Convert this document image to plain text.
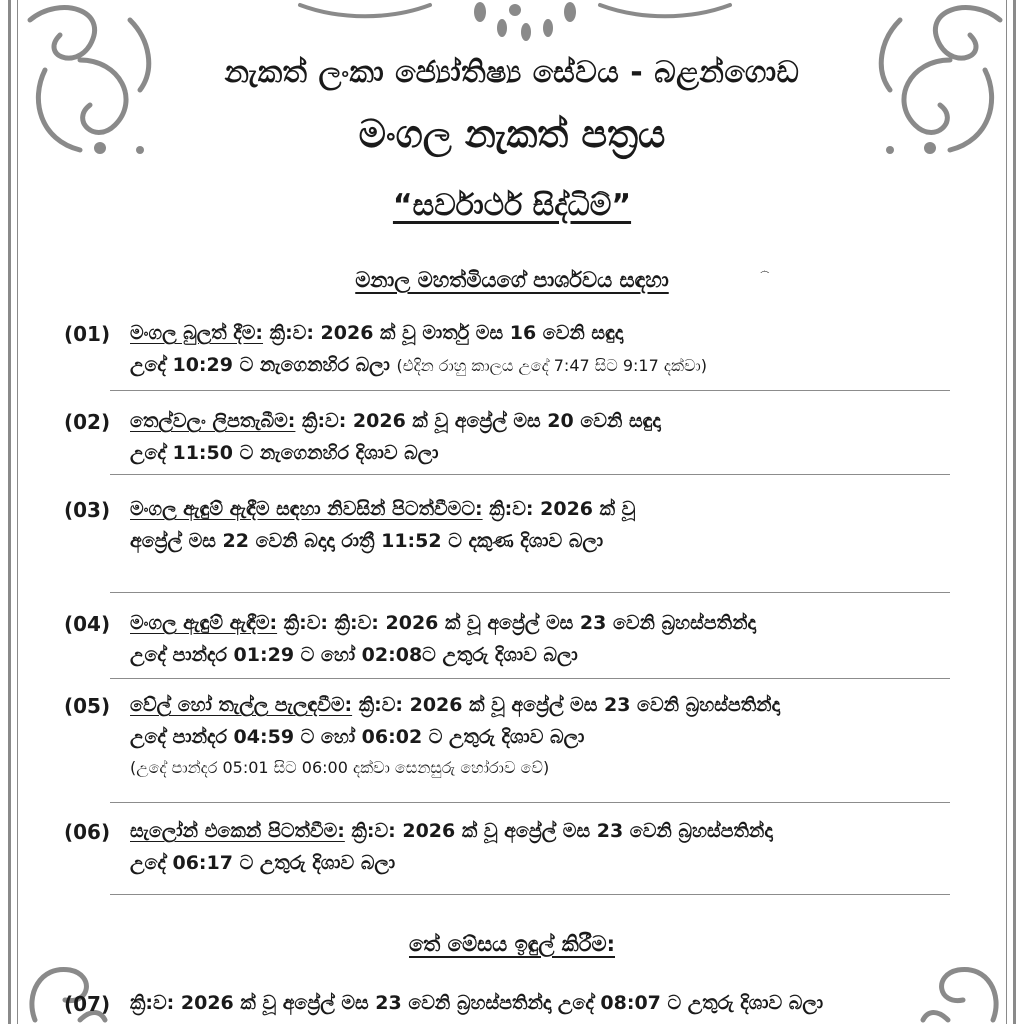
නැකත් ලංකා ජ්‍යෝතිෂ්‍ය සේවය - බළන්ගොඩ
මංගල නැකත් පත්‍රය
“සර්වාර්ථ සිද්ධිම්”
මනාල මහත්මියගේ පාර්ශවය සඳහා	෴
(01) මංගල බුලත් දීම: ක්‍රි:ව: 2026 ක් වූ මාර්තු මස 16 වෙනි සඳුදා
උදේ 10:29 ට නැගෙනහිර බලා (එදින රාහු කාලය උදේ 7:47 සිට 9:17 දක්වා)
(02) තෙල්වලං ලිපතැබීම: ක්‍රි:ව: 2026 ක් වූ අප්‍රේල් මස 20 වෙනි සඳුදා
උදේ 11:50 ට නැගෙනහිර දිශාව බලා
(03) මංගල ඇඳුම් ඇඳීම සඳහා නිවසින් පිටත්වීමට: ක්‍රි:ව: 2026 ක් වූ
අප්‍රේල් මස 22 වෙනි බදාදා රාත්‍රී 11:52 ට දකුණ දිශාව බලා
(04) මංගල ඇඳුම් ඇඳීම: ක්‍රි:ව: ක්‍රි:ව: 2026 ක් වූ අප්‍රේල් මස 23 වෙනි බ්‍රහස්පතින්දා
උදේ පාන්දර 01:29 ට හෝ 02:08ට උතුරු දිශාව බලා
(05) වේල් හෝ තැල්ල පැලඳවීම: ක්‍රි:ව: 2026 ක් වූ අප්‍රේල් මස 23 වෙනි බ්‍රහස්පතින්දා
උදේ පාන්දර 04:59 ට හෝ 06:02 ට උතුරු දිශාව බලා
(උදේ පාන්දර 05:01 සිට 06:00 දක්වා සෙනසුරු හෝරාව වේ)
(06) සැලෝන් එකෙන් පිටත්වීම: ක්‍රි:ව: 2026 ක් වූ අප්‍රේල් මස 23 වෙනි බ්‍රහස්පතින්දා
උදේ 06:17 ට උතුරු දිශාව බලා
තේ මේසය ඉඳුල් කිරීම:
(07) ක්‍රි:ව: 2026 ක් වූ අප්‍රේල් මස 23 වෙනි බ්‍රහස්පතින්දා උදේ 08:07 ට උතුරු දිශාව බලා
